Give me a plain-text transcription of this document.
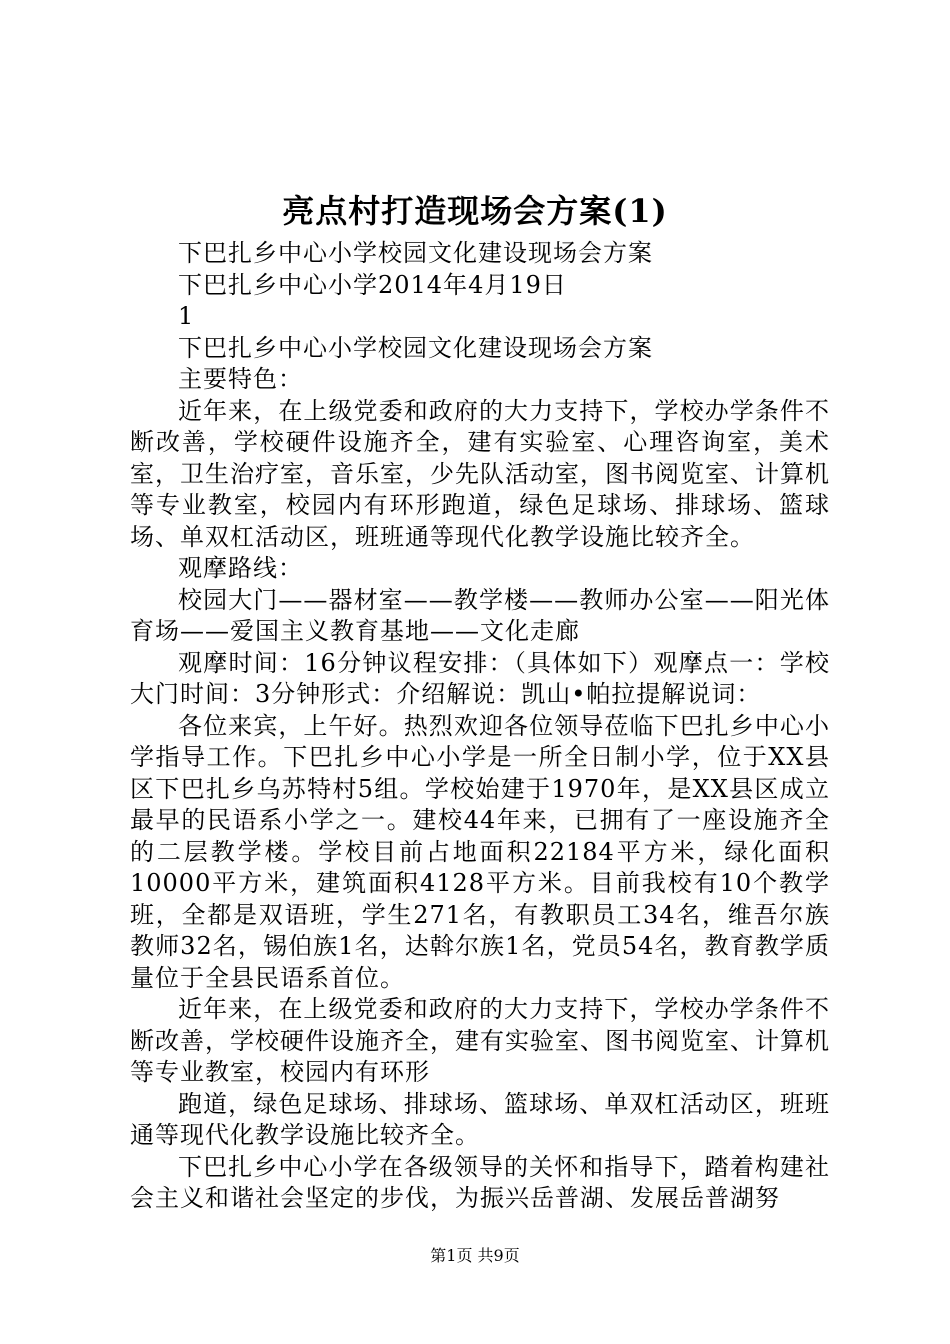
亮点村打造现场会方案(1)

下巴扎乡中心小学校园文化建设现场会方案

下巴扎乡中心小学2014年4月19日

1

下巴扎乡中心小学校园文化建设现场会方案

主要特色：

近年来，在上级党委和政府的大力支持下，学校办学条件不断改善，学校硬件设施齐全，建有实验室、心理咨询室，美术室，卫生治疗室，音乐室，少先队活动室，图书阅览室、计算机等专业教室，校园内有环形跑道，绿色足球场、排球场、篮球场、单双杠活动区，班班通等现代化教学设施比较齐全。

观摩路线：

校园大门——器材室——教学楼——教师办公室——阳光体育场——爱国主义教育基地——文化走廊

观摩时间：16分钟议程安排：（具体如下）观摩点一：学校大门时间：3分钟形式：介绍解说：凯山•帕拉提解说词：

各位来宾，上午好。热烈欢迎各位领导莅临下巴扎乡中心小学指导工作。下巴扎乡中心小学是一所全日制小学，位于XX县区下巴扎乡乌苏特村5组。学校始建于1970年，是XX县区成立最早的民语系小学之一。建校44年来，已拥有了一座设施齐全的二层教学楼。学校目前占地面积22184平方米，绿化面积10000平方米，建筑面积4128平方米。目前我校有10个教学班，全都是双语班，学生271名，有教职员工34名，维吾尔族教师32名，锡伯族1名，达斡尔族1名，党员54名，教育教学质量位于全县民语系首位。

近年来，在上级党委和政府的大力支持下，学校办学条件不断改善，学校硬件设施齐全，建有实验室、图书阅览室、计算机等专业教室，校园内有环形

跑道，绿色足球场、排球场、篮球场、单双杠活动区，班班通等现代化教学设施比较齐全。

下巴扎乡中心小学在各级领导的关怀和指导下，踏着构建社会主义和谐社会坚定的步伐，为振兴岳普湖、发展岳普湖努

第1页 共9页
